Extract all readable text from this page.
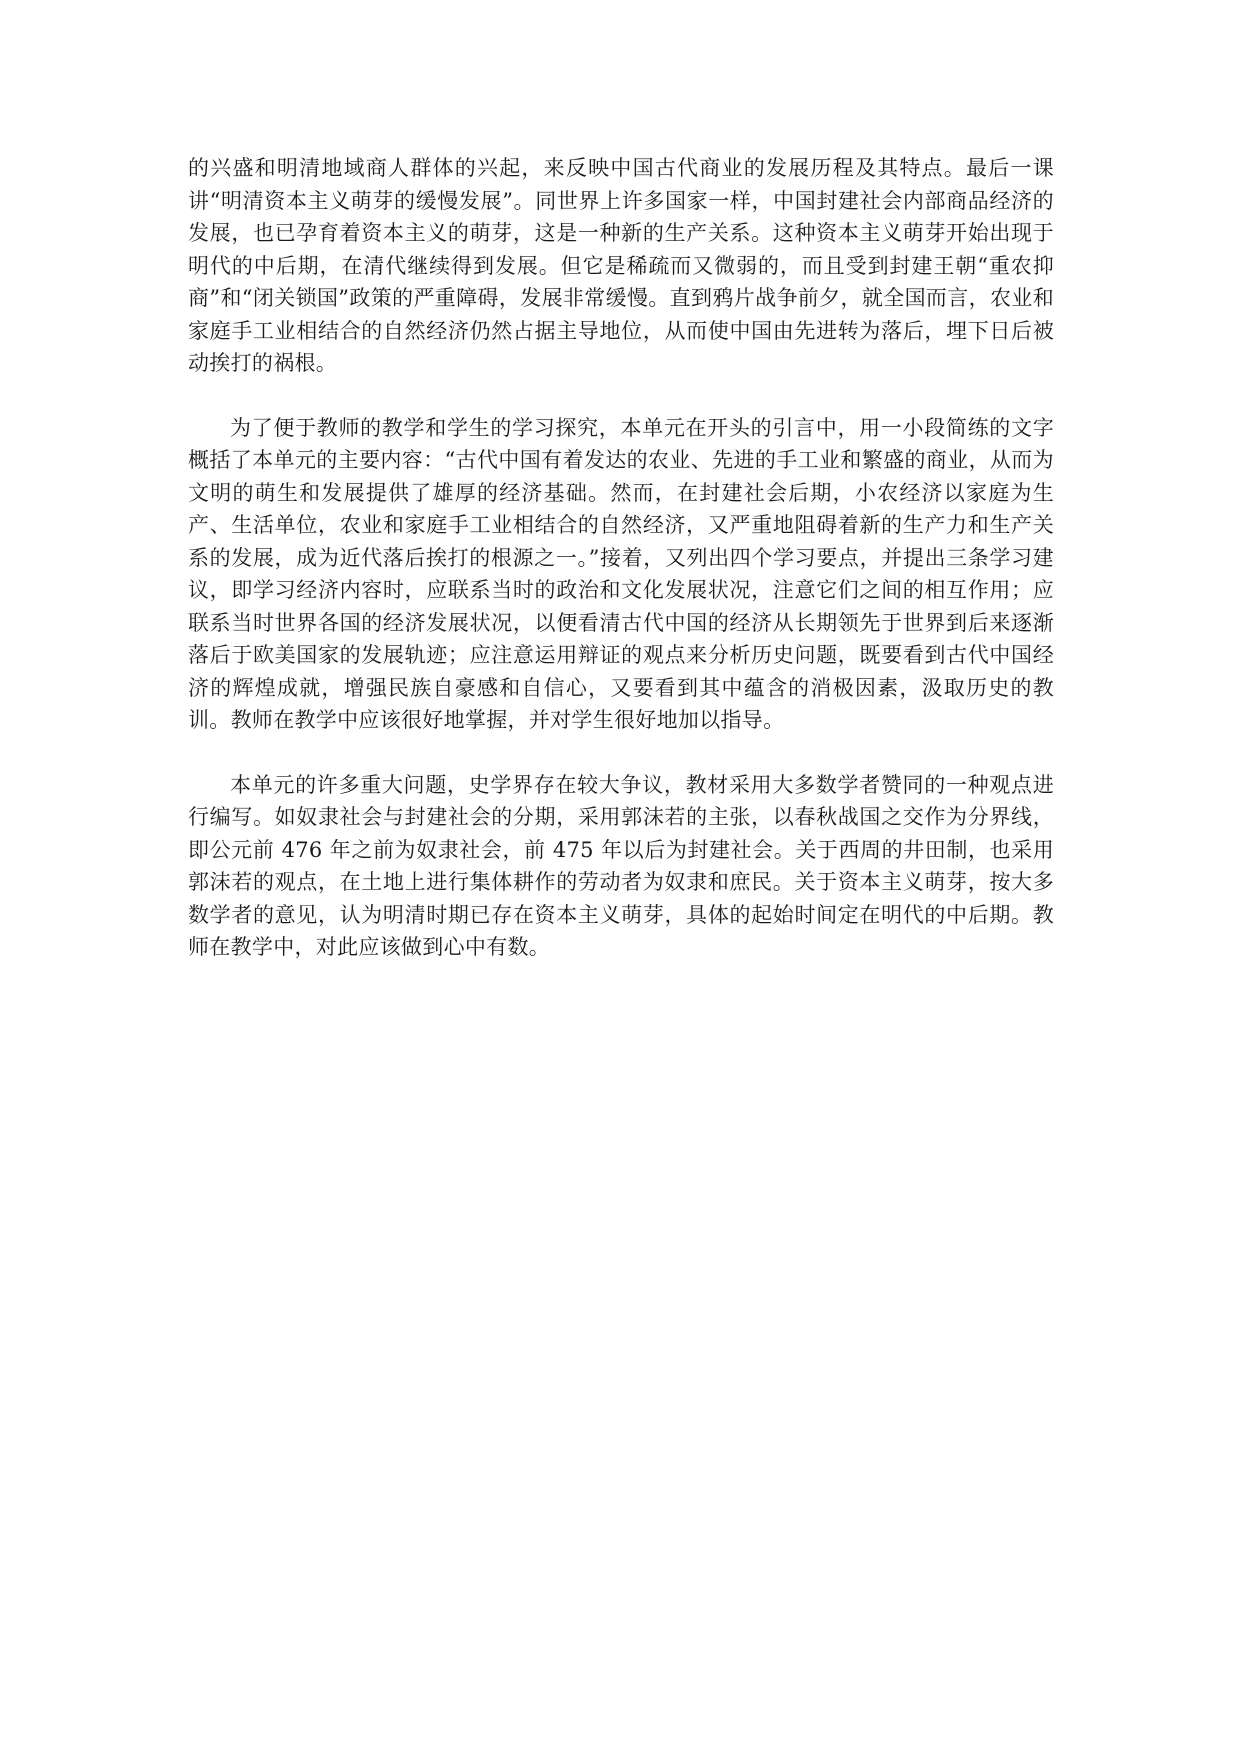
的兴盛和明清地域商人群体的兴起，来反映中国古代商业的发展历程及其特点。最后一课讲“明清资本主义萌芽的缓慢发展”。同世界上许多国家一样，中国封建社会内部商品经济的发展，也已孕育着资本主义的萌芽，这是一种新的生产关系。这种资本主义萌芽开始出现于明代的中后期，在清代继续得到发展。但它是稀疏而又微弱的，而且受到封建王朝“重农抑商”和“闭关锁国”政策的严重障碍，发展非常缓慢。直到鸦片战争前夕，就全国而言，农业和家庭手工业相结合的自然经济仍然占据主导地位，从而使中国由先进转为落后，埋下日后被动挨打的祸根。

为了便于教师的教学和学生的学习探究，本单元在开头的引言中，用一小段简练的文字概括了本单元的主要内容：“古代中国有着发达的农业、先进的手工业和繁盛的商业，从而为文明的萌生和发展提供了雄厚的经济基础。然而，在封建社会后期，小农经济以家庭为生产、生活单位，农业和家庭手工业相结合的自然经济，又严重地阻碍着新的生产力和生产关系的发展，成为近代落后挨打的根源之一。”接着，又列出四个学习要点，并提出三条学习建议，即学习经济内容时，应联系当时的政治和文化发展状况，注意它们之间的相互作用；应联系当时世界各国的经济发展状况，以便看清古代中国的经济从长期领先于世界到后来逐渐落后于欧美国家的发展轨迹；应注意运用辩证的观点来分析历史问题，既要看到古代中国经济的辉煌成就，增强民族自豪感和自信心，又要看到其中蕴含的消极因素，汲取历史的教训。教师在教学中应该很好地掌握，并对学生很好地加以指导。

本单元的许多重大问题，史学界存在较大争议，教材采用大多数学者赞同的一种观点进行编写。如奴隶社会与封建社会的分期，采用郭沫若的主张，以春秋战国之交作为分界线，即公元前 476 年之前为奴隶社会，前 475 年以后为封建社会。关于西周的井田制，也采用郭沫若的观点，在土地上进行集体耕作的劳动者为奴隶和庶民。关于资本主义萌芽，按大多数学者的意见，认为明清时期已存在资本主义萌芽，具体的起始时间定在明代的中后期。教师在教学中，对此应该做到心中有数。
